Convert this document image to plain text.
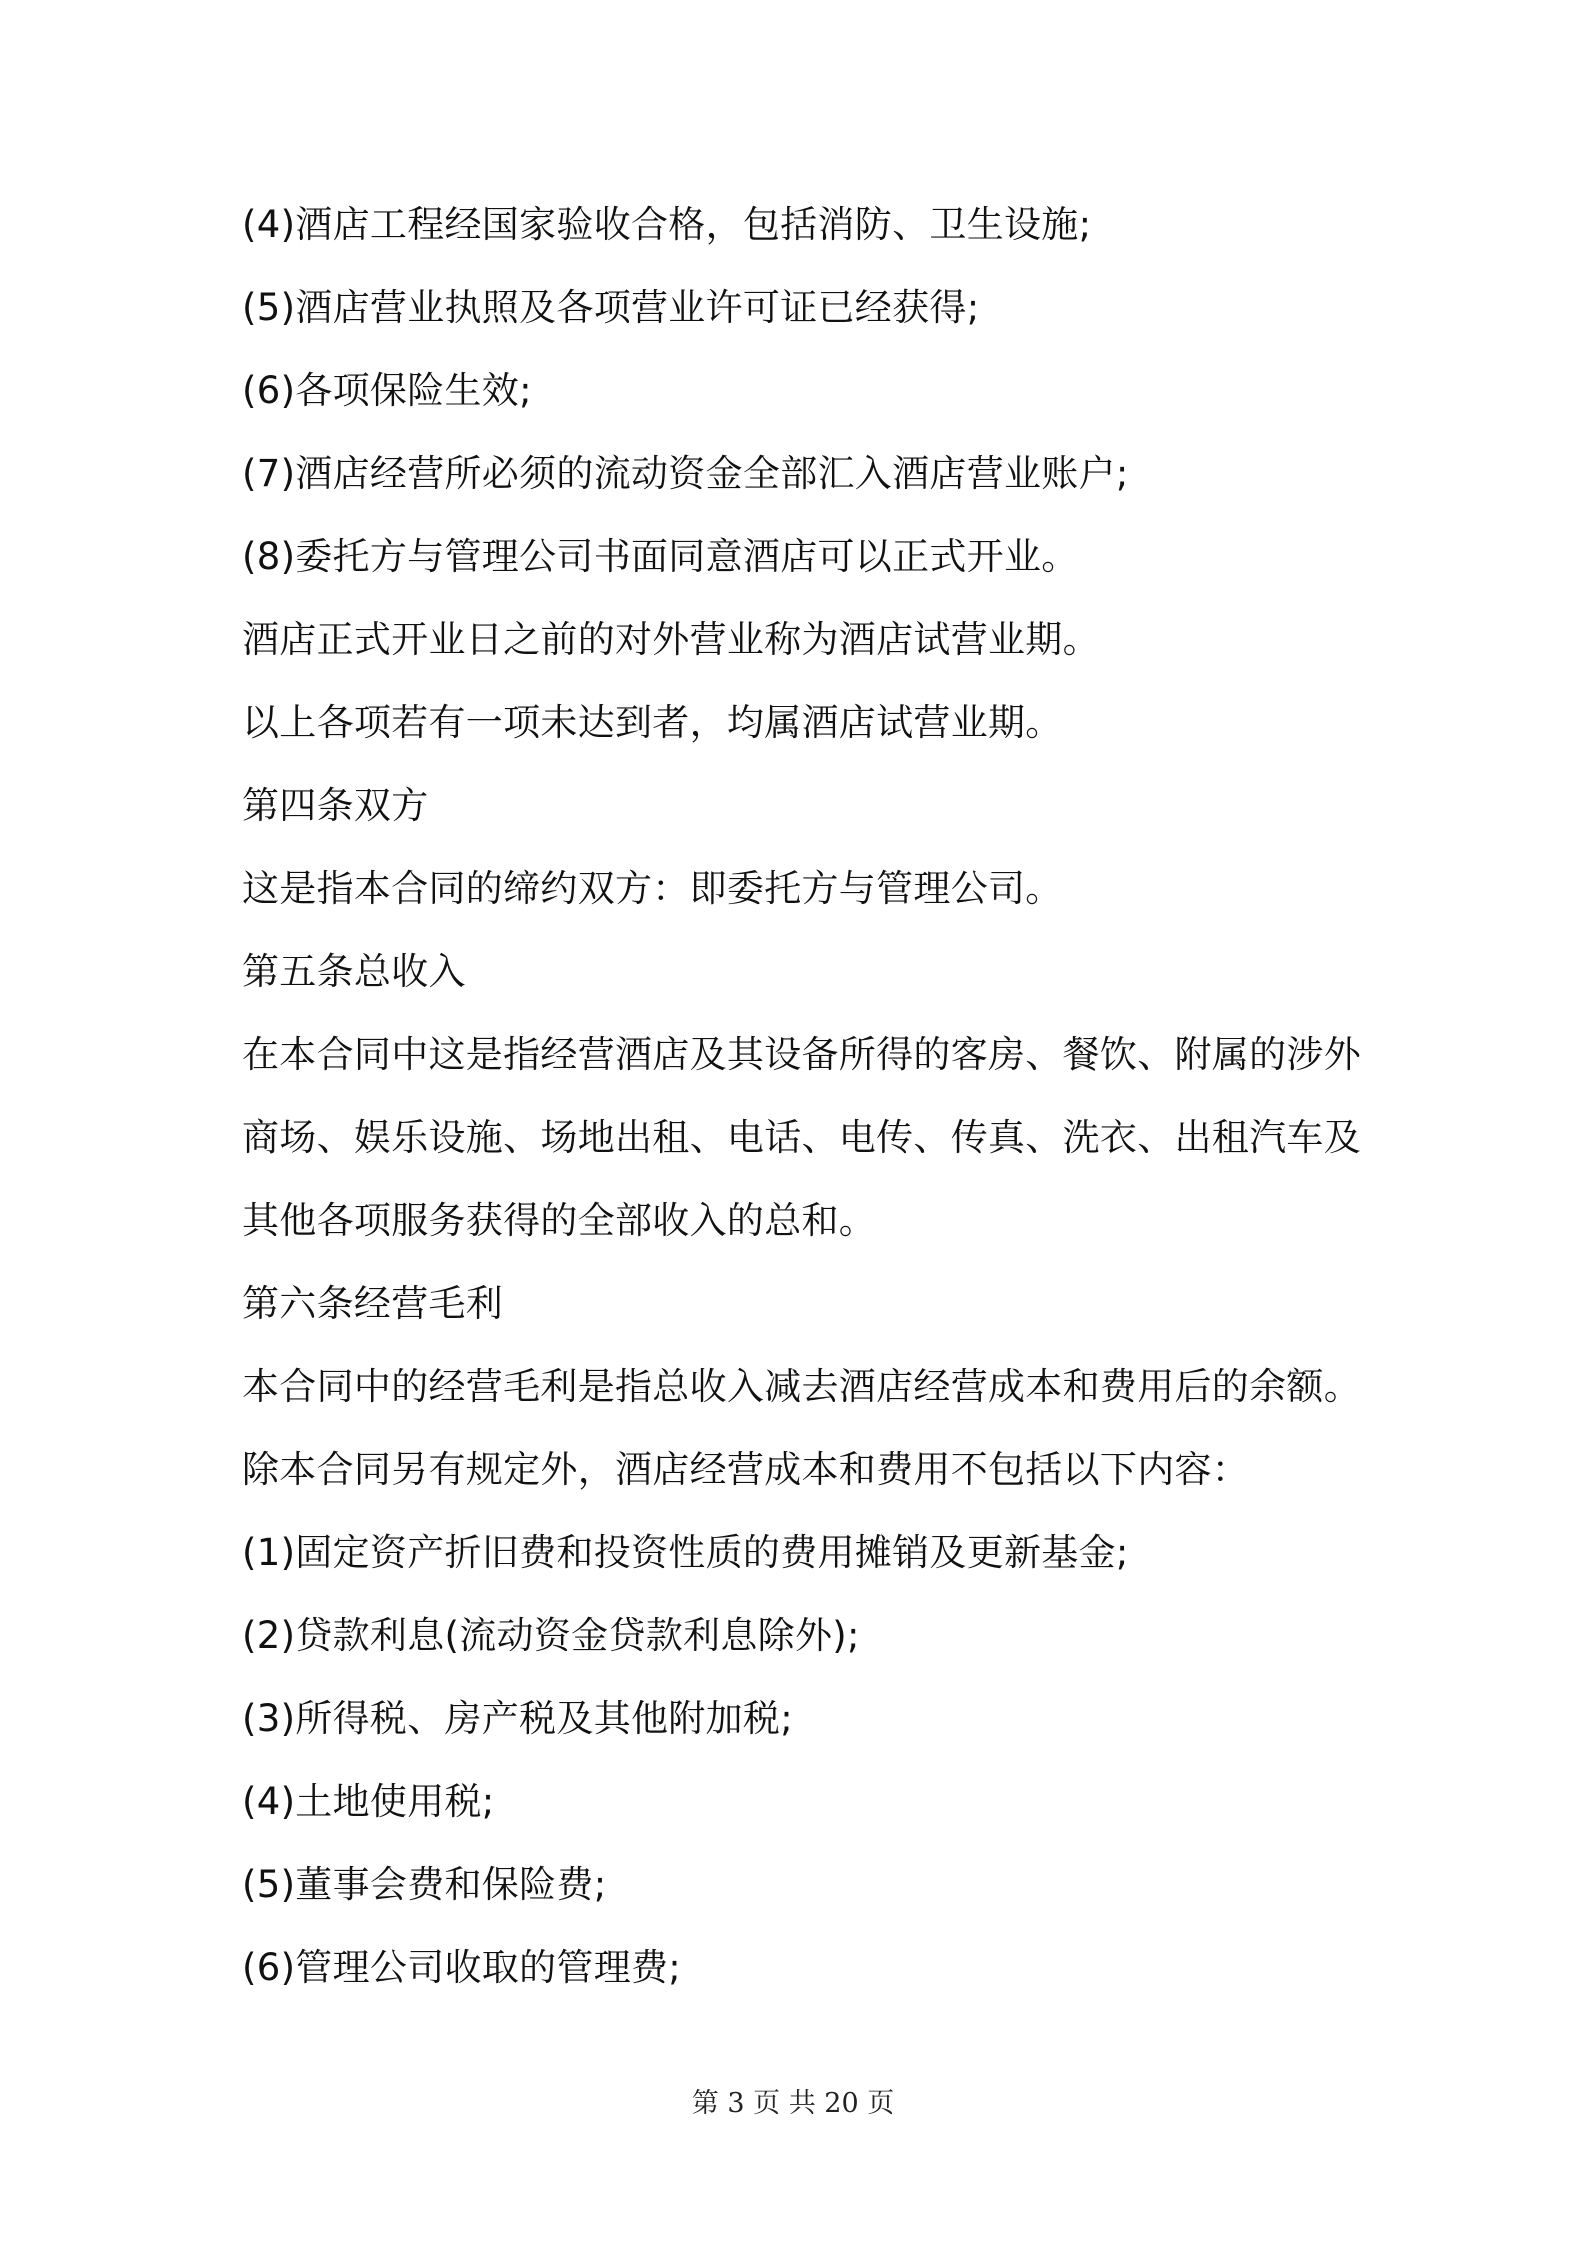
(4)酒店工程经国家验收合格，包括消防、卫生设施;
(5)酒店营业执照及各项营业许可证已经获得;
(6)各项保险生效;
(7)酒店经营所必须的流动资金全部汇入酒店营业账户;
(8)委托方与管理公司书面同意酒店可以正式开业。
酒店正式开业日之前的对外营业称为酒店试营业期。
以上各项若有一项未达到者，均属酒店试营业期。
第四条双方
这是指本合同的缔约双方：即委托方与管理公司。
第五条总收入
在本合同中这是指经营酒店及其设备所得的客房、餐饮、附属的涉外
商场、娱乐设施、场地出租、电话、电传、传真、洗衣、出租汽车及
其他各项服务获得的全部收入的总和。
第六条经营毛利
本合同中的经营毛利是指总收入减去酒店经营成本和费用后的余额。
除本合同另有规定外，酒店经营成本和费用不包括以下内容：
(1)固定资产折旧费和投资性质的费用摊销及更新基金;
(2)贷款利息(流动资金贷款利息除外);
(3)所得税、房产税及其他附加税;
(4)土地使用税;
(5)董事会费和保险费;
(6)管理公司收取的管理费;
第 3 页 共 20 页
